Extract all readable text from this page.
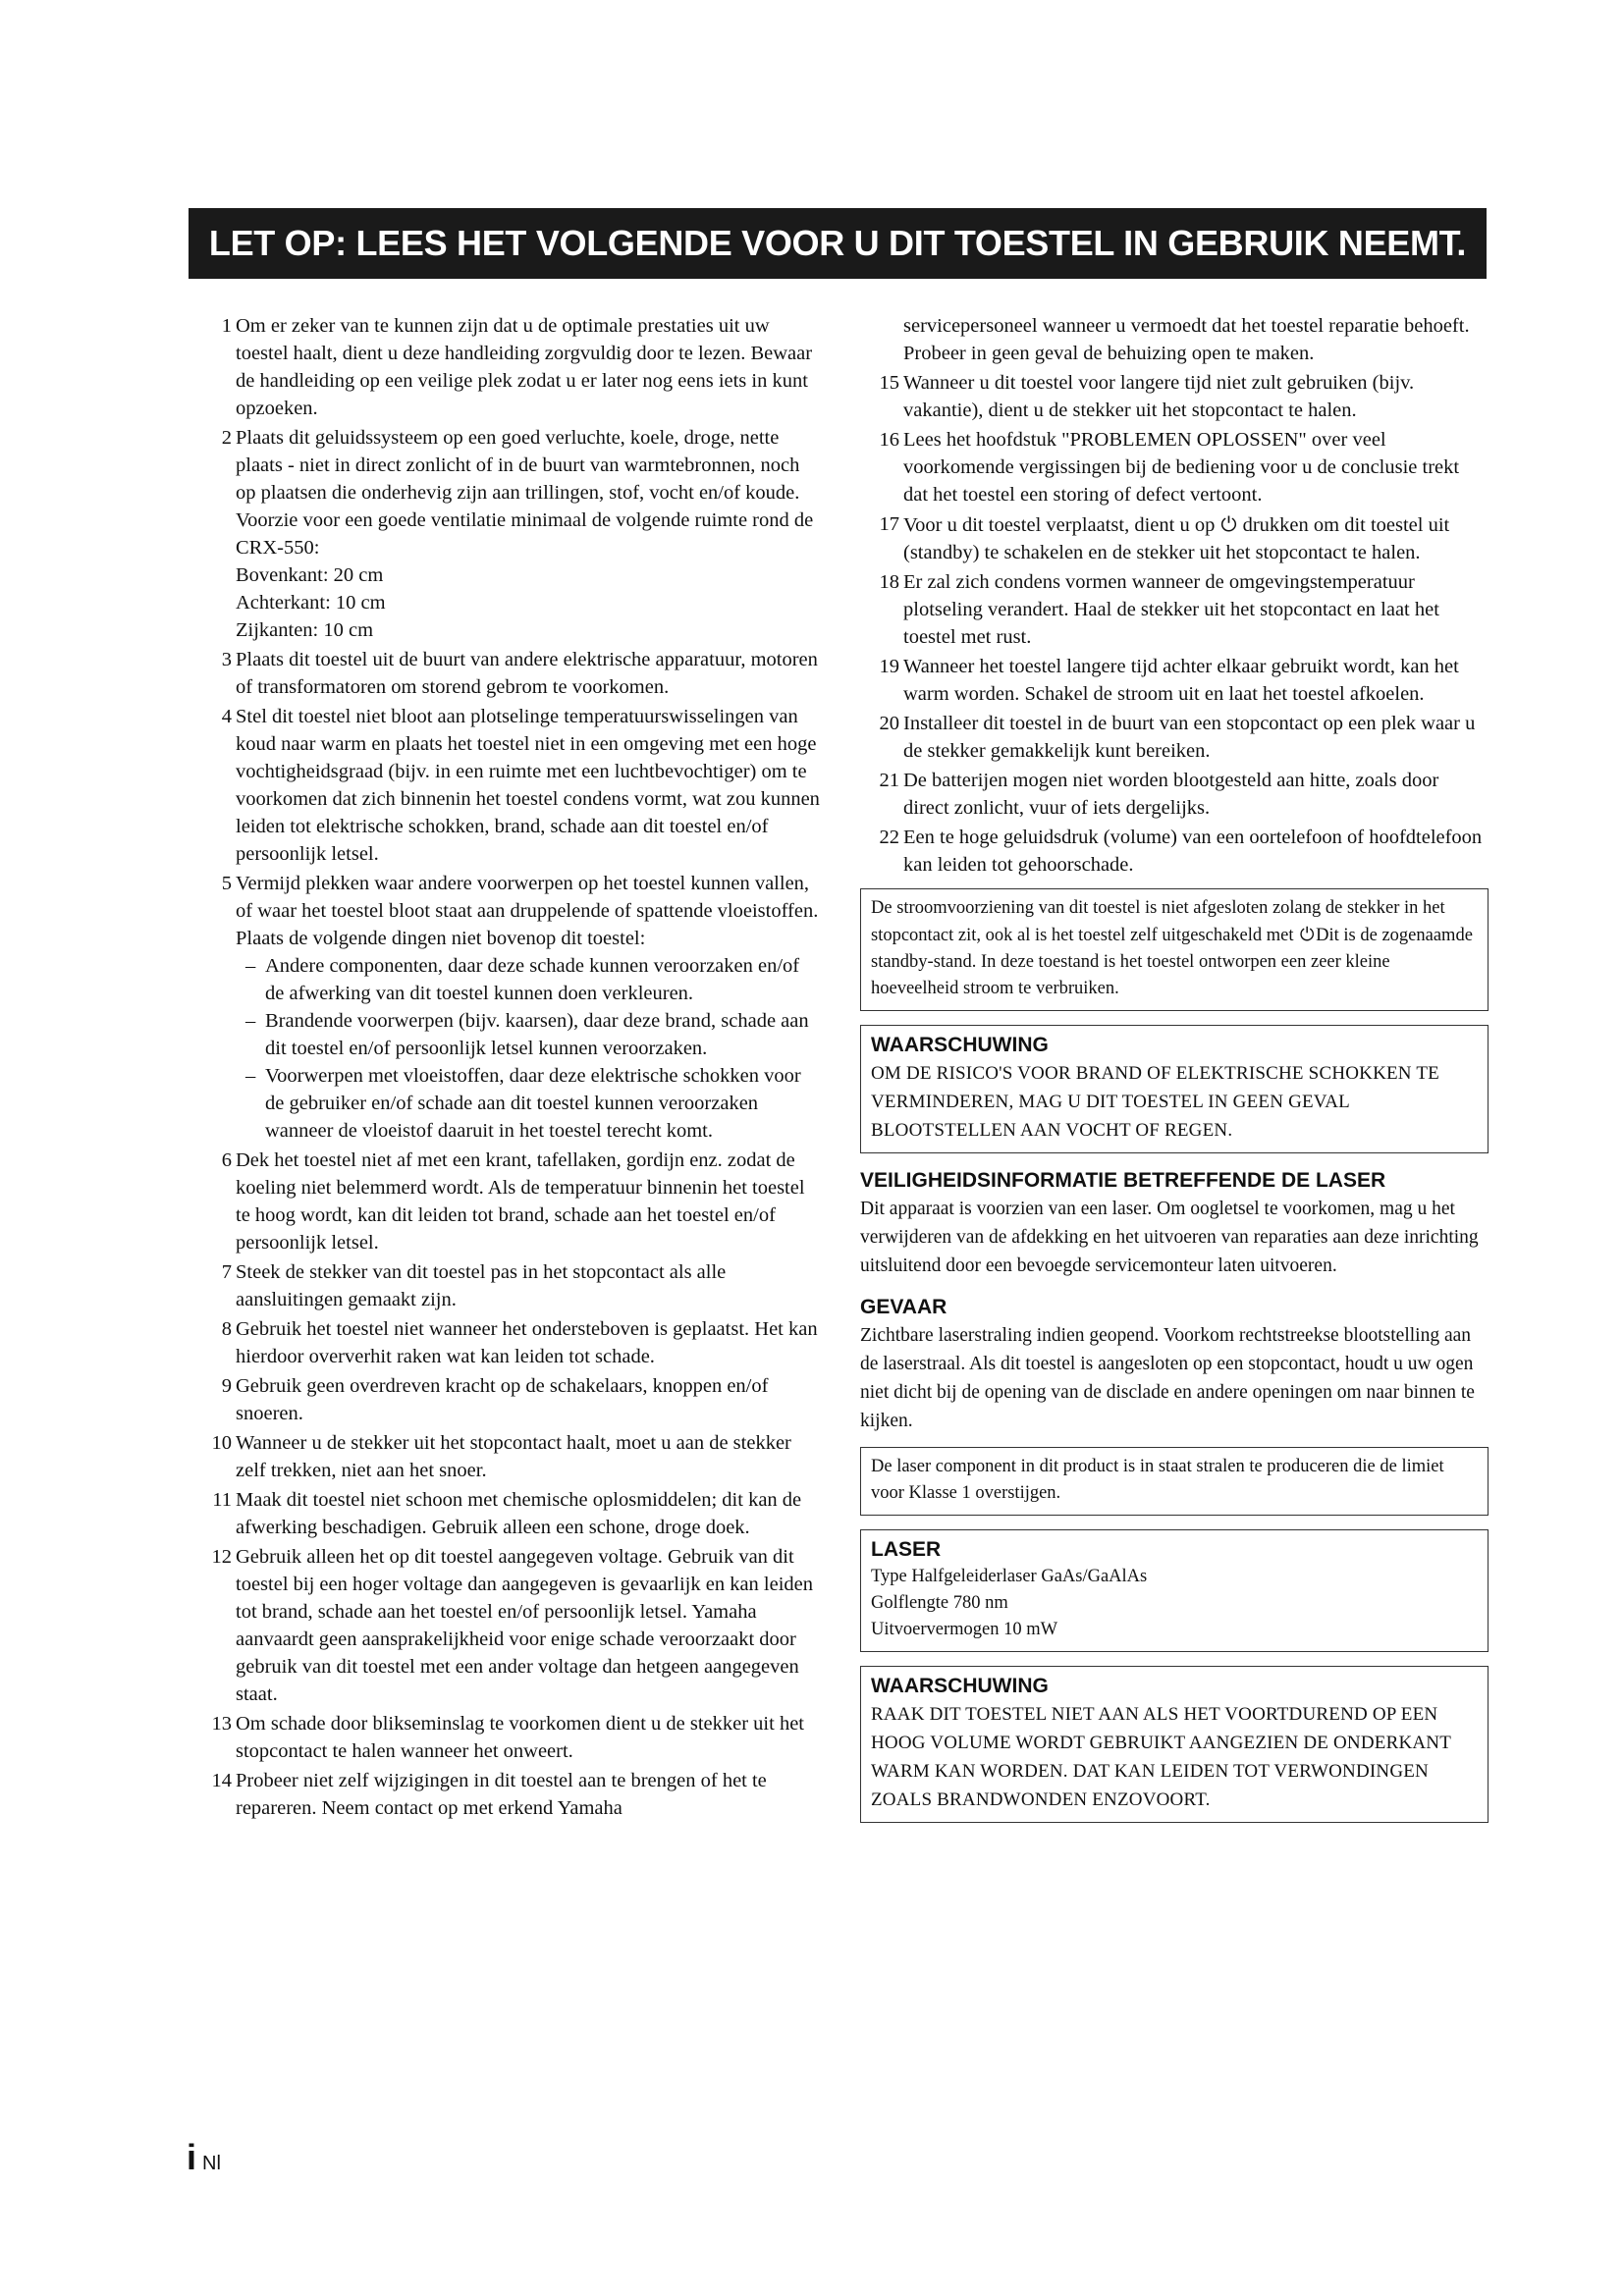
LET OP: LEES HET VOLGENDE VOOR U DIT TOESTEL IN GEBRUIK NEEMT.
1 Om er zeker van te kunnen zijn dat u de optimale prestaties uit uw toestel haalt, dient u deze handleiding zorgvuldig door te lezen. Bewaar de handleiding op een veilige plek zodat u er later nog eens iets in kunt opzoeken.
2 Plaats dit geluidssysteem op een goed verluchte, koele, droge, nette plaats - niet in direct zonlicht of in de buurt van warmtebronnen, noch op plaatsen die onderhevig zijn aan trillingen, stof, vocht en/of koude. Voorzie voor een goede ventilatie minimaal de volgende ruimte rond de CRX-550:
Bovenkant: 20 cm
Achterkant: 10 cm
Zijkanten: 10 cm
3 Plaats dit toestel uit de buurt van andere elektrische apparatuur, motoren of transformatoren om storend gebrom te voorkomen.
4 Stel dit toestel niet bloot aan plotselinge temperatuurswisselingen van koud naar warm en plaats het toestel niet in een omgeving met een hoge vochtigheidsgraad (bijv. in een ruimte met een luchtbevochtiger) om te voorkomen dat zich binnenin het toestel condens vormt, wat zou kunnen leiden tot elektrische schokken, brand, schade aan dit toestel en/of persoonlijk letsel.
5 Vermijd plekken waar andere voorwerpen op het toestel kunnen vallen, of waar het toestel bloot staat aan druppelende of spattende vloeistoffen. Plaats de volgende dingen niet bovenop dit toestel:
– Andere componenten, daar deze schade kunnen veroorzaken en/of de afwerking van dit toestel kunnen doen verkleuren.
– Brandende voorwerpen (bijv. kaarsen), daar deze brand, schade aan dit toestel en/of persoonlijk letsel kunnen veroorzaken.
– Voorwerpen met vloeistoffen, daar deze elektrische schokken voor de gebruiker en/of schade aan dit toestel kunnen veroorzaken wanneer de vloeistof daaruit in het toestel terecht komt.
6 Dek het toestel niet af met een krant, tafellaken, gordijn enz. zodat de koeling niet belemmerd wordt. Als de temperatuur binnenin het toestel te hoog wordt, kan dit leiden tot brand, schade aan het toestel en/of persoonlijk letsel.
7 Steek de stekker van dit toestel pas in het stopcontact als alle aansluitingen gemaakt zijn.
8 Gebruik het toestel niet wanneer het ondersteboven is geplaatst. Het kan hierdoor oververhit raken wat kan leiden tot schade.
9 Gebruik geen overdreven kracht op de schakelaars, knoppen en/of snoeren.
10 Wanneer u de stekker uit het stopcontact haalt, moet u aan de stekker zelf trekken, niet aan het snoer.
11 Maak dit toestel niet schoon met chemische oplosmiddelen; dit kan de afwerking beschadigen. Gebruik alleen een schone, droge doek.
12 Gebruik alleen het op dit toestel aangegeven voltage. Gebruik van dit toestel bij een hoger voltage dan aangegeven is gevaarlijk en kan leiden tot brand, schade aan het toestel en/of persoonlijk letsel. Yamaha aanvaardt geen aansprakelijkheid voor enige schade veroorzaakt door gebruik van dit toestel met een ander voltage dan hetgeen aangegeven staat.
13 Om schade door blikseminslag te voorkomen dient u de stekker uit het stopcontact te halen wanneer het onweert.
14 Probeer niet zelf wijzigingen in dit toestel aan te brengen of het te repareren. Neem contact op met erkend Yamaha
servicepersoneel wanneer u vermoedt dat het toestel reparatie behoeft. Probeer in geen geval de behuizing open te maken.
15 Wanneer u dit toestel voor langere tijd niet zult gebruiken (bijv. vakantie), dient u de stekker uit het stopcontact te halen.
16 Lees het hoofdstuk "PROBLEMEN OPLOSSEN" over veel voorkomende vergissingen bij de bediening voor u de conclusie trekt dat het toestel een storing of defect vertoont.
17 Voor u dit toestel verplaatst, dient u op ⏻ drukken om dit toestel uit (standby) te schakelen en de stekker uit het stopcontact te halen.
18 Er zal zich condens vormen wanneer de omgevingstemperatuur plotseling verandert. Haal de stekker uit het stopcontact en laat het toestel met rust.
19 Wanneer het toestel langere tijd achter elkaar gebruikt wordt, kan het warm worden. Schakel de stroom uit en laat het toestel afkoelen.
20 Installeer dit toestel in de buurt van een stopcontact op een plek waar u de stekker gemakkelijk kunt bereiken.
21 De batterijen mogen niet worden blootgesteld aan hitte, zoals door direct zonlicht, vuur of iets dergelijks.
22 Een te hoge geluidsdruk (volume) van een oortelefoon of hoofdtelefoon kan leiden tot gehoorschade.
De stroomvoorziening van dit toestel is niet afgesloten zolang de stekker in het stopcontact zit, ook al is het toestel zelf uitgeschakeld met ⏻Dit is de zogenaamde standby-stand. In deze toestand is het toestel ontworpen een zeer kleine hoeveelheid stroom te verbruiken.
WAARSCHUWING
OM DE RISICO'S VOOR BRAND OF ELEKTRISCHE SCHOKKEN TE VERMINDEREN, MAG U DIT TOESTEL IN GEEN GEVAL BLOOTSTELLEN AAN VOCHT OF REGEN.
VEILIGHEIDSINFORMATIE BETREFFENDE DE LASER
Dit apparaat is voorzien van een laser. Om oogletsel te voorkomen, mag u het verwijderen van de afdekking en het uitvoeren van reparaties aan deze inrichting uitsluitend door een bevoegde servicemonteur laten uitvoeren.
GEVAAR
Zichtbare laserstraling indien geopend. Voorkom rechtstreekse blootstelling aan de laserstraal. Als dit toestel is aangesloten op een stopcontact, houdt u uw ogen niet dicht bij de opening van de disclade en andere openingen om naar binnen te kijken.
De laser component in dit product is in staat stralen te produceren die de limiet voor Klasse 1 overstijgen.
LASER
Type Halfgeleiderlaser GaAs/GaAlAs
Golflengte 780 nm
Uitvoervermogen 10 mW
WAARSCHUWING
RAAK DIT TOESTEL NIET AAN ALS HET VOORTDUREND OP EEN HOOG VOLUME WORDT GEBRUIKT AANGEZIEN DE ONDERKANT WARM KAN WORDEN. DAT KAN LEIDEN TOT VERWONDINGEN ZOALS BRANDWONDEN ENZOVOORT.
i Nl
